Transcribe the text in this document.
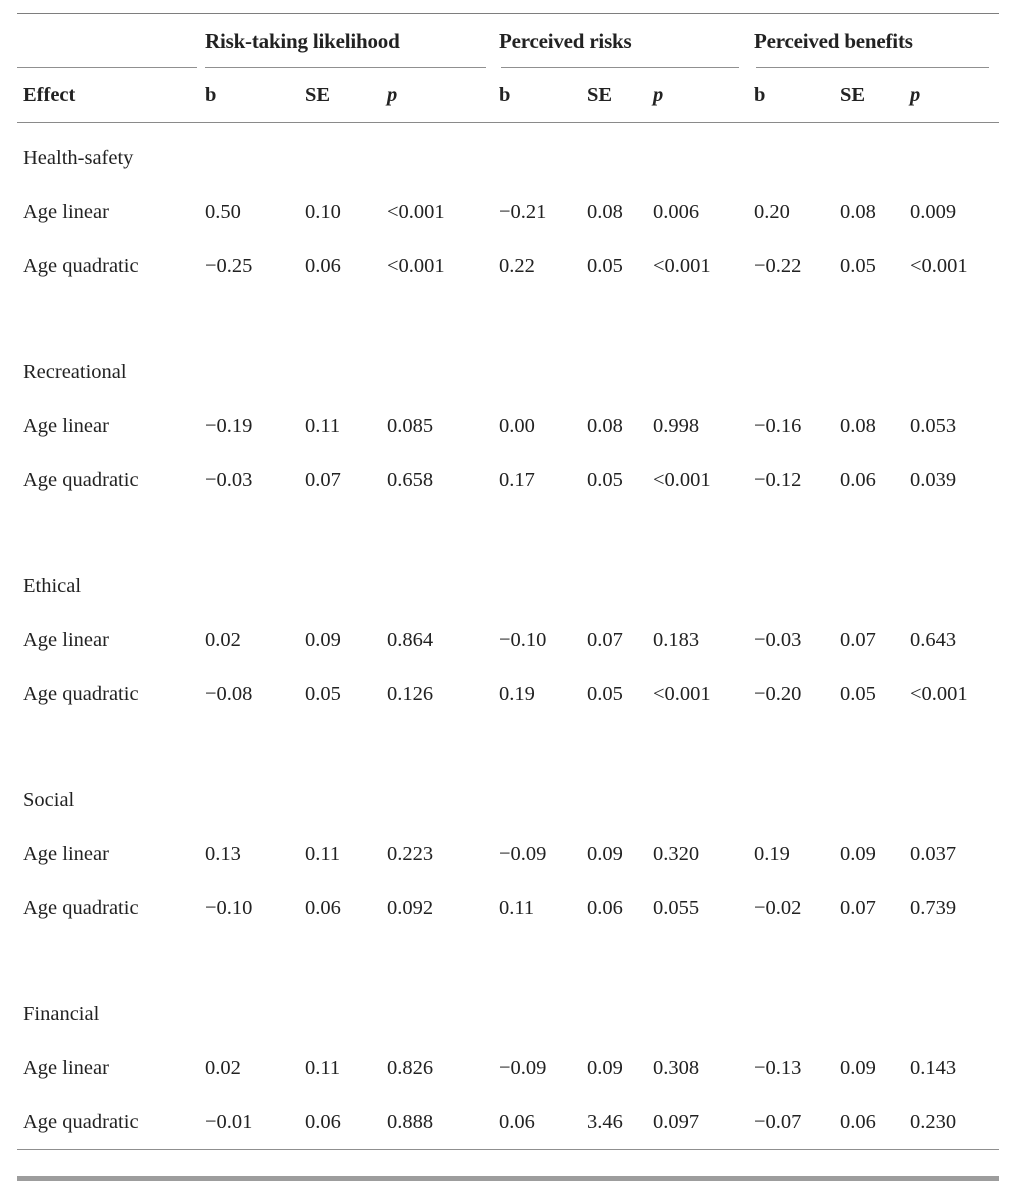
Risk-taking likelihood	Perceived risks	Perceived benefits
Effect	b	SE	p	b	SE	p	b	SE	p
Health-safety
Age linear	0.50	0.10	<0.001	−0.21	0.08	0.006	0.20	0.08	0.009
Age quadratic	−0.25	0.06	<0.001	0.22	0.05	<0.001	−0.22	0.05	<0.001
Recreational
Age linear	−0.19	0.11	0.085	0.00	0.08	0.998	−0.16	0.08	0.053
Age quadratic	−0.03	0.07	0.658	0.17	0.05	<0.001	−0.12	0.06	0.039
Ethical
Age linear	0.02	0.09	0.864	−0.10	0.07	0.183	−0.03	0.07	0.643
Age quadratic	−0.08	0.05	0.126	0.19	0.05	<0.001	−0.20	0.05	<0.001
Social
Age linear	0.13	0.11	0.223	−0.09	0.09	0.320	0.19	0.09	0.037
Age quadratic	−0.10	0.06	0.092	0.11	0.06	0.055	−0.02	0.07	0.739
Financial
Age linear	0.02	0.11	0.826	−0.09	0.09	0.308	−0.13	0.09	0.143
Age quadratic	−0.01	0.06	0.888	0.06	3.46	0.097	−0.07	0.06	0.230
